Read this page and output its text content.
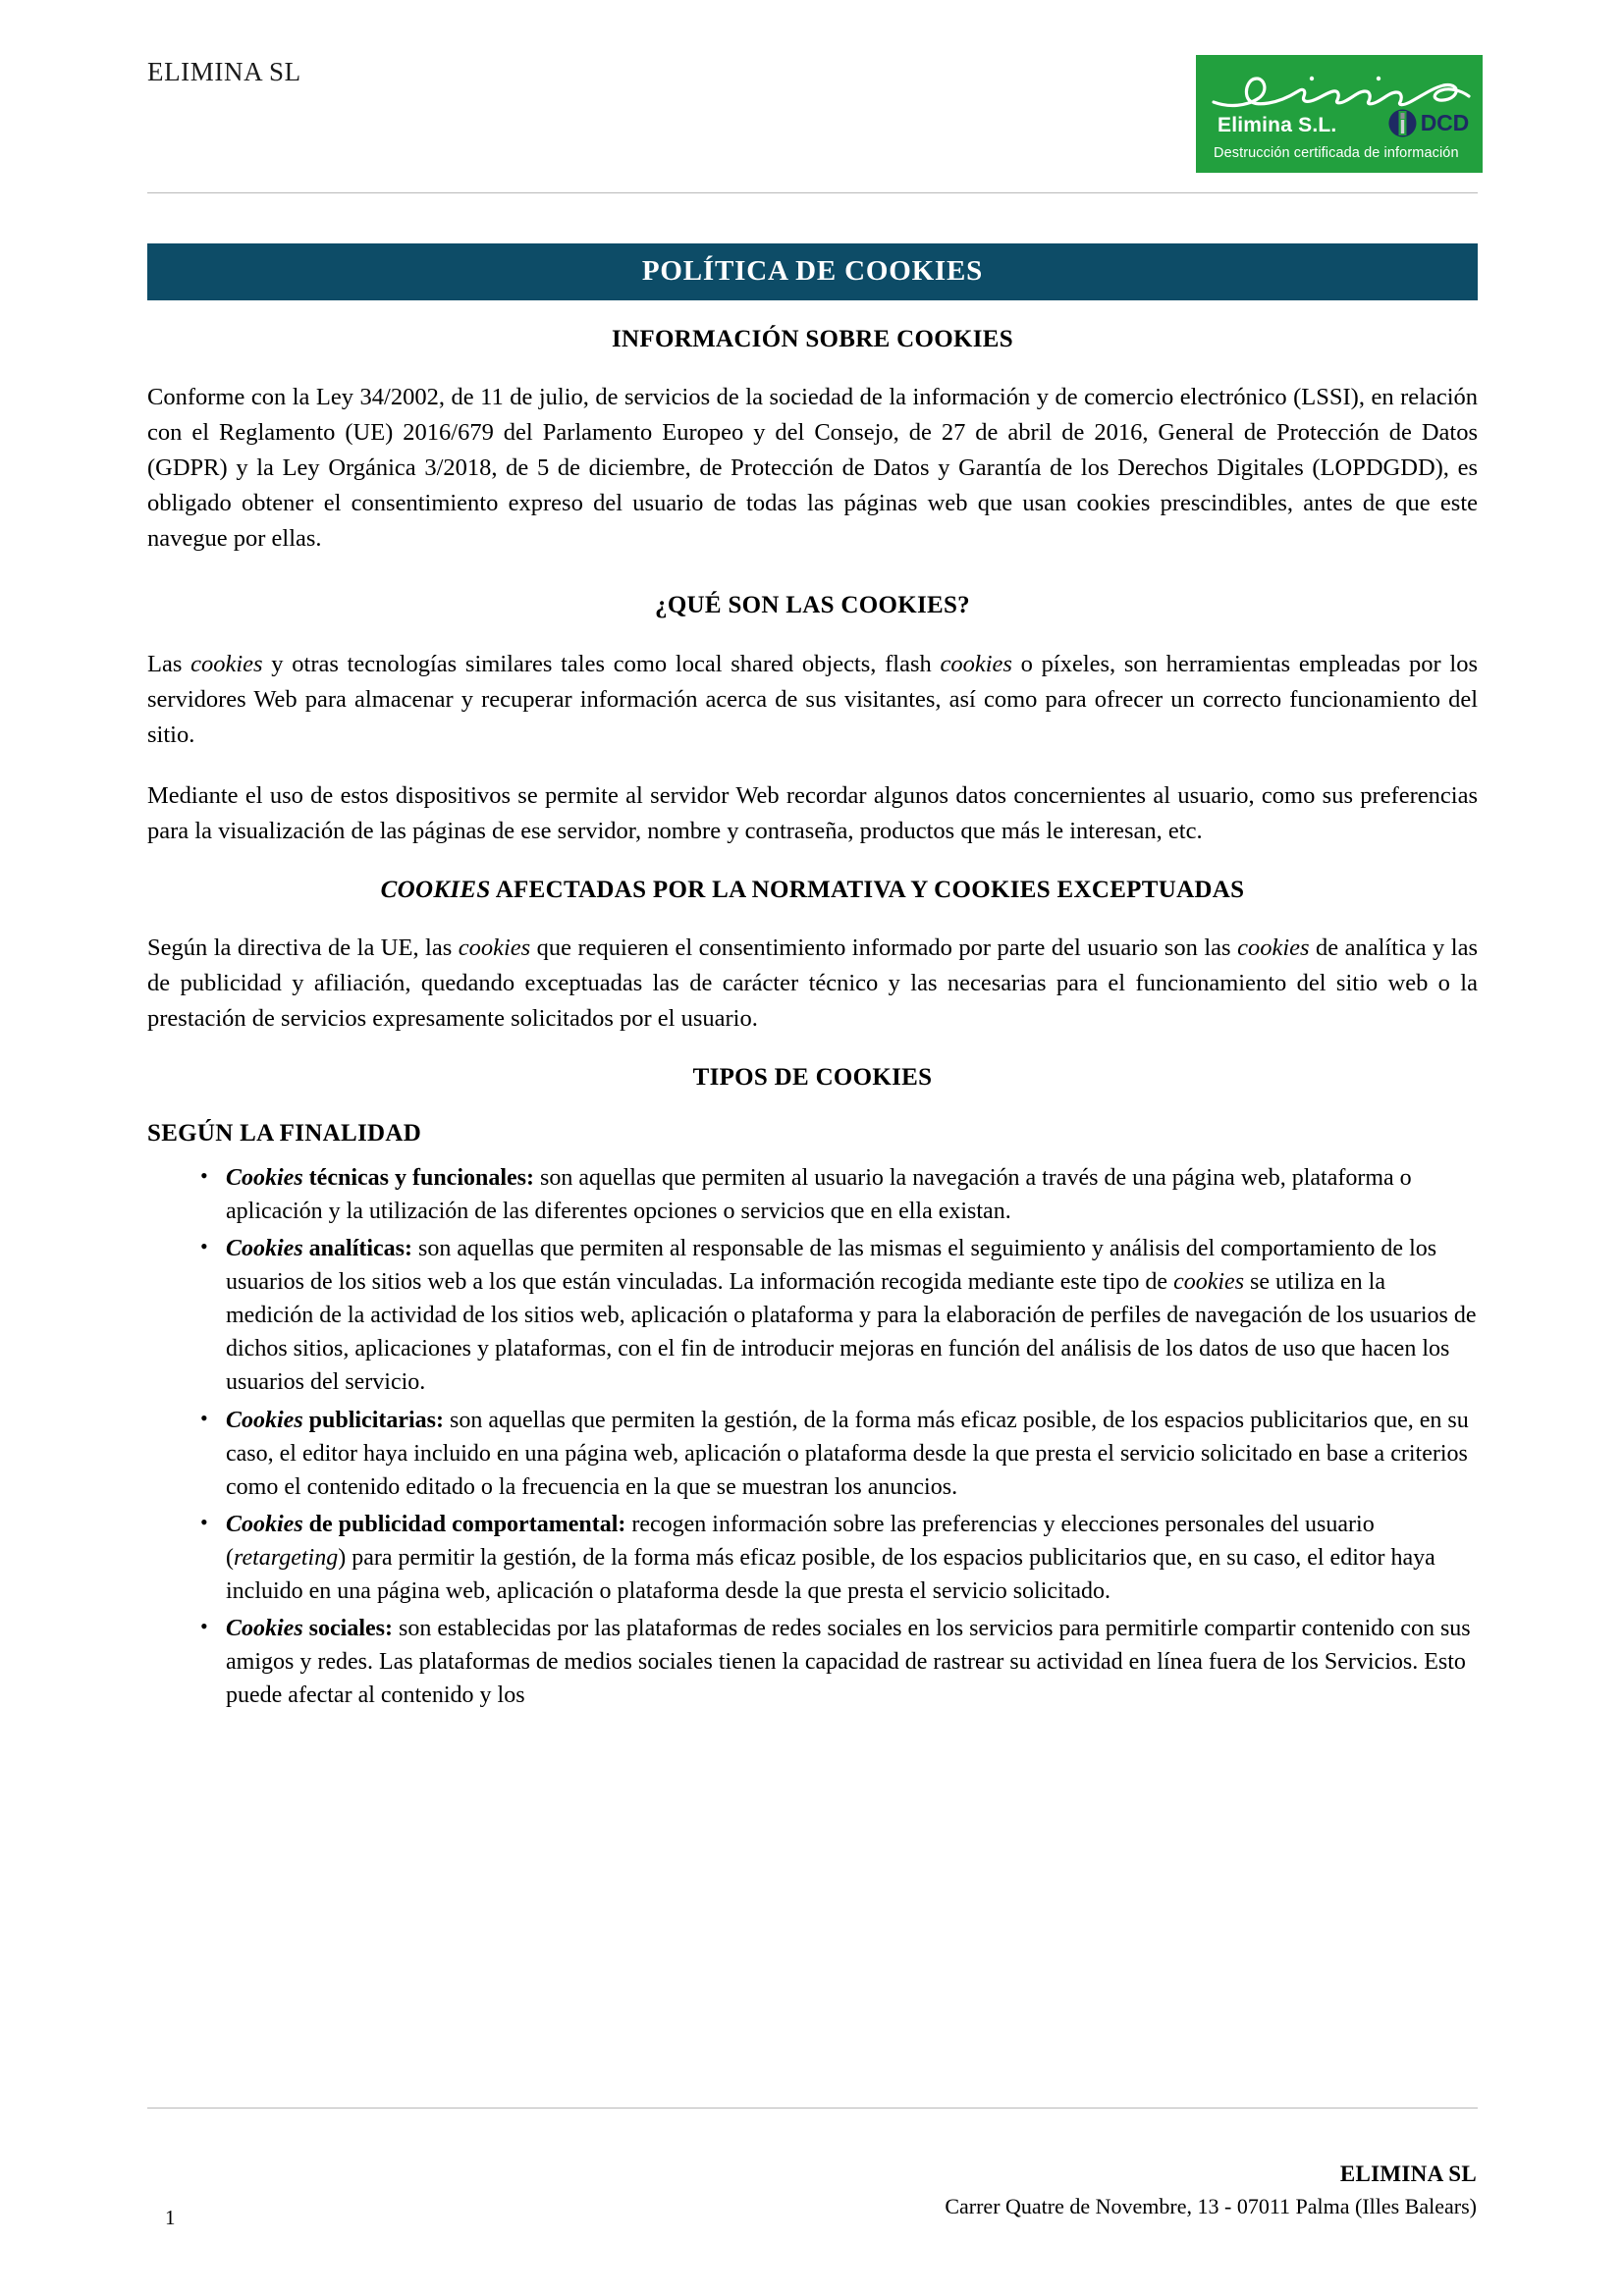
ELIMINA SL
Elimina S.L.	DCD
Destrucción certificada de información
POLÍTICA DE COOKIES
INFORMACIÓN SOBRE COOKIES

Conforme con la Ley 34/2002, de 11 de julio, de servicios de la sociedad de la información y de comercio electrónico (LSSI), en relación con el Reglamento (UE) 2016/679 del Parlamento Europeo y del Consejo, de 27 de abril de 2016, General de Protección de Datos (GDPR) y la Ley Orgánica 3/2018, de 5 de diciembre, de Protección de Datos y Garantía de los Derechos Digitales (LOPDGDD), es obligado obtener el consentimiento expreso del usuario de todas las páginas web que usan cookies prescindibles, antes de que este navegue por ellas.

¿QUÉ SON LAS COOKIES?

Las cookies y otras tecnologías similares tales como local shared objects, flash cookies o píxeles, son herramientas empleadas por los servidores Web para almacenar y recuperar información acerca de sus visitantes, así como para ofrecer un correcto funcionamiento del sitio.

Mediante el uso de estos dispositivos se permite al servidor Web recordar algunos datos concernientes al usuario, como sus preferencias para la visualización de las páginas de ese servidor, nombre y contraseña, productos que más le interesan, etc.

COOKIES AFECTADAS POR LA NORMATIVA Y COOKIES EXCEPTUADAS

Según la directiva de la UE, las cookies que requieren el consentimiento informado por parte del usuario son las cookies de analítica y las de publicidad y afiliación, quedando exceptuadas las de carácter técnico y las necesarias para el funcionamiento del sitio web o la prestación de servicios expresamente solicitados por el usuario.

TIPOS DE COOKIES
SEGÚN LA FINALIDAD
• Cookies técnicas y funcionales: son aquellas que permiten al usuario la navegación a través de una página web, plataforma o aplicación y la utilización de las diferentes opciones o servicios que en ella existan.
• Cookies analíticas: son aquellas que permiten al responsable de las mismas el seguimiento y análisis del comportamiento de los usuarios de los sitios web a los que están vinculadas. La información recogida mediante este tipo de cookies se utiliza en la medición de la actividad de los sitios web, aplicación o plataforma y para la elaboración de perfiles de navegación de los usuarios de dichos sitios, aplicaciones y plataformas, con el fin de introducir mejoras en función del análisis de los datos de uso que hacen los usuarios del servicio.
• Cookies publicitarias: son aquellas que permiten la gestión, de la forma más eficaz posible, de los espacios publicitarios que, en su caso, el editor haya incluido en una página web, aplicación o plataforma desde la que presta el servicio solicitado en base a criterios como el contenido editado o la frecuencia en la que se muestran los anuncios.
• Cookies de publicidad comportamental: recogen información sobre las preferencias y elecciones personales del usuario (retargeting) para permitir la gestión, de la forma más eficaz posible, de los espacios publicitarios que, en su caso, el editor haya incluido en una página web, aplicación o plataforma desde la que presta el servicio solicitado.
• Cookies sociales: son establecidas por las plataformas de redes sociales en los servicios para permitirle compartir contenido con sus amigos y redes. Las plataformas de medios sociales tienen la capacidad de rastrear su actividad en línea fuera de los Servicios. Esto puede afectar al contenido y los
1
ELIMINA SL
Carrer Quatre de Novembre, 13 - 07011 Palma (Illes Balears)
